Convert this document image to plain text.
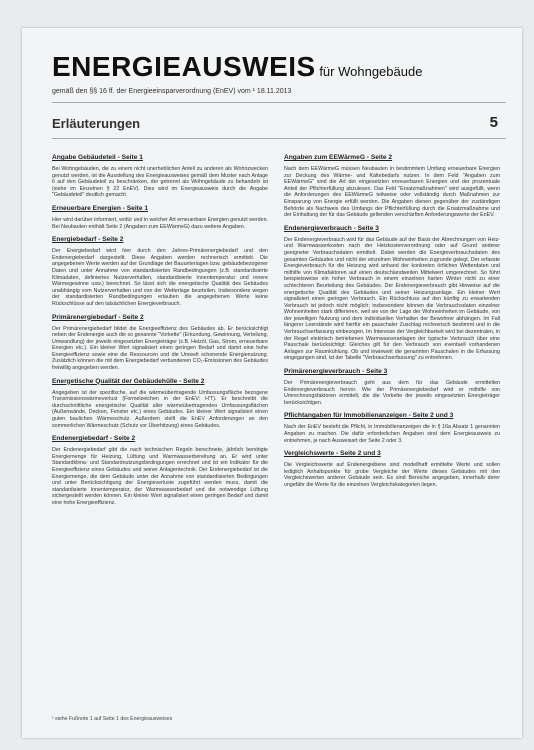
ENERGIEAUSWEIS für Wohngebäude
gemäß den §§ 16 ff. der Energieeinsparverordnung (EnEV) vom ¹ 18.11.2013
Erläuterungen	5
Angabe Gebäudeteil - Seite 1
Bei Wohngebäuden, die zu einem nicht unerheblichen Anteil zu anderen als Wohnzwecken genutzt werden, ist die Ausstellung des Energieausweises gemäß dem Muster nach Anlage 6 auf den Gebäudeteil zu beschränken, der getrennt als Wohngebäude zu behandeln ist (siehe im Einzelnen § 22 EnEV). Dies wird im Energieausweis durch die Angabe "Gebäudeteil" deutlich gemacht.
Erneuerbare Energien - Seite 1
Hier wird darüber informiert, wofür und in welcher Art erneuerbare Energien genutzt werden. Bei Neubauten enthält Seite 2 (Angaben zum EEWärmeG) dazu weitere Angaben.
Energiebedarf - Seite 2
Der Energiebedarf wird hier durch den Jahres-Primärenergiebedarf und den Endenergiebedarf dargestellt. Diese Angaben werden rechnerisch ermittelt. Die angegebenen Werte werden auf der Grundlage der Bauunterlagen bzw. gebäudebezogener Daten und unter Annahme von standardisierten Randbedingungen (z.B. standardisierte Klimadaten, definiertes Nutzerverhalten, standardisierte Innentemperatur und innere Wärmegewinne usw.) berechnet. So lässt sich die energetische Qualität des Gebäudes unabhängig vom Nutzerverhalten und von der Wetterlage beurteilen. Insbesondere wegen der standardisierten Randbedingungen erlauben die angegebenen Werte keine Rückschlüsse auf den tatsächlichen Energieverbrauch.
Primärenergiebedarf - Seite 2
Der Primärenergiebedarf bildet die Energieeffizienz des Gebäudes ab. Er berücksichtigt neben der Endenergie auch die so genannte "Vorkette" (Erkundung, Gewinnung, Verteilung, Umwandlung) der jeweils eingesetzten Energieträger (z.B. Heizöl, Gas, Strom, erneuerbare Energien etc.). Ein kleiner Wert signalisiert einen geringen Bedarf und damit eine hohe Energieeffizienz sowie eine die Ressourcen und die Umwelt schonende Energienutzung. Zusätzlich können die mit dem Energiebedarf verbundenen CO₂-Emissionen des Gebäudes freiwillig angegeben werden.
Energetische Qualität der Gebäudehülle - Seite 2
Angegeben ist der spezifische, auf die wärmeübertragende Umfassungsfläche bezogene Transmissionswärmeverlust (Formelzeichen in der EnEV: H'T). Er beschreibt die durchschnittliche energetische Qualität aller wärmeübertragenden Umfassungsflächen (Außenwände, Decken, Fenster etc.) eines Gebäudes. Ein kleiner Wert signalisiert einen guten baulichen Wärmeschutz. Außerdem stellt die EnEV Anforderungen an den sommerlichen Wärmeschutz (Schutz vor Überhitzung) eines Gebäudes.
Endenergiebedarf - Seite 2
Der Endenergiebedarf gibt die nach technischen Regeln berechnete, jährlich benötigte Energiemenge für Heizung, Lüftung und Warmwasserbereitung an. Er wird unter Standardklima- und Standardnutzungsbedingungen errechnet und ist ein Indikator für die Energieeffizienz eines Gebäudes und seiner Anlagentechnik. Der Endenergiebedarf ist die Energiemenge, die dem Gebäude unter der Annahme von standardisierten Bedingungen und unter Berücksichtigung der Energieverluste zugeführt werden muss, damit die standardisierte Innentemperatur, der Warmwasserbedarf und die notwendige Lüftung sichergestellt werden können. Ein kleiner Wert signalisiert einen geringen Bedarf und damit eine hohe Energieeffizienz.
Angaben zum EEWärmeG - Seite 2
Nach dem EEWärmeG müssen Neubauten in bestimmtem Umfang erneuerbare Energien zur Deckung des Wärme- und Kältebedarfs nutzen. In dem Feld "Angaben zum EEWärmeG" sind die Art der eingesetzten erneuerbaren Energien und der prozentuale Anteil der Pflichterfüllung abzulesen. Das Feld "Ersatzmaßnahmen" wird ausgefüllt, wenn die Anforderungen des EEWärmeG teilweise oder vollständig durch Maßnahmen zur Einsparung von Energie erfüllt werden. Die Angaben dienen gegenüber der zuständigen Behörde als Nachweis des Umfangs der Pflichterfüllung durch die Ersatzmaßnahme und der Einhaltung der für das Gebäude geltenden verschärften Anforderungswerte der EnEV.
Endenergieverbrauch - Seite 3
Der Endenergieverbrauch wird für das Gebäude auf der Basis der Abrechnungen von Heiz- und Warmwasserkosten nach der Heizkostenverordnung oder auf Grund anderer geeigneter Verbrauchsdaten ermittelt. Dabei werden die Energieverbrauchsdaten des gesamten Gebäudes und nicht der einzelnen Wohneinheiten zugrunde gelegt. Der erfasste Energieverbrauch für die Heizung wird anhand der konkreten örtlichen Wetterdaten und mithilfe von Klimafaktoren auf einen deutschlandweiten Mittelwert umgerechnet. So führt beispielsweise ein hoher Verbrauch in einem einzelnen harten Winter nicht zu einer schlechteren Beurteilung des Gebäudes. Der Endenergieverbrauch gibt Hinweise auf die energetische Qualität des Gebäudes und seiner Heizungsanlage. Ein kleiner Wert signalisiert einen geringen Verbrauch. Ein Rückschluss auf den künftig zu erwartenden Verbrauch ist jedoch nicht möglich; insbesondere können die Verbrauchsdaten einzelner Wohneinheiten stark differieren, weil sie von der Lage der Wohneinheiten im Gebäude, von der jeweiligen Nutzung und dem individuellen Verhalten der Bewohner abhängen. Im Fall längerer Leerstände wird hierfür ein pauschaler Zuschlag rechnerisch bestimmt und in die Verbrauchserfassung einbezogen. Im Interesse der Vergleichbarkeit wird bei dezentralen, in der Regel elektrisch betriebenen Warmwasseranlagen der typische Verbrauch über eine Pauschale berücksichtigt: Gleiches gilt für den Verbrauch von eventuell vorhandenen Anlagen zur Raumkühlung. Ob und inwieweit die genannten Pauschalen in die Erfassung eingegangen sind, ist der Tabelle "Verbrauchserfassung" zu entnehmen.
Primärenergieverbrauch - Seite 3
Der Primärenergieverbrauch geht aus dem für das Gebäude ermittelten Endenergieverbrauch hervor. Wie der Primärenergiebedarf wird er mithilfe von Umrechnungsfaktoren ermittelt, die die Vorkette der jeweils eingesetzten Energieträger berücksichtigen.
Pflichtangaben für Immobilienanzeigen - Seite 2 und 3
Nach der EnEV besteht die Pflicht, in Immobilienanzeigen die in § 16a Absatz 1 genannten Angaben zu machen. Die dafür erforderlichen Angaben sind dem Energieausweis zu entnehmen, je nach Ausweisart der Seite 2 oder 3.
Vergleichswerte - Seite 2 und 3
Die Vergleichswerte auf Endenergiebene sind modellhaft ermittelte Werte und sollen lediglich Anhaltspunkte für grobe Vergleiche der Werte dieses Gebäudes mit den Vergleichswerten anderer Gebäude sein. Es sind Bereiche angegeben, innerhalb derer ungefähr die Werte für die einzelnen Vergleichskategorien liegen.
¹ siehe Fußnote 1 auf Seite 1 des Energieausweises
